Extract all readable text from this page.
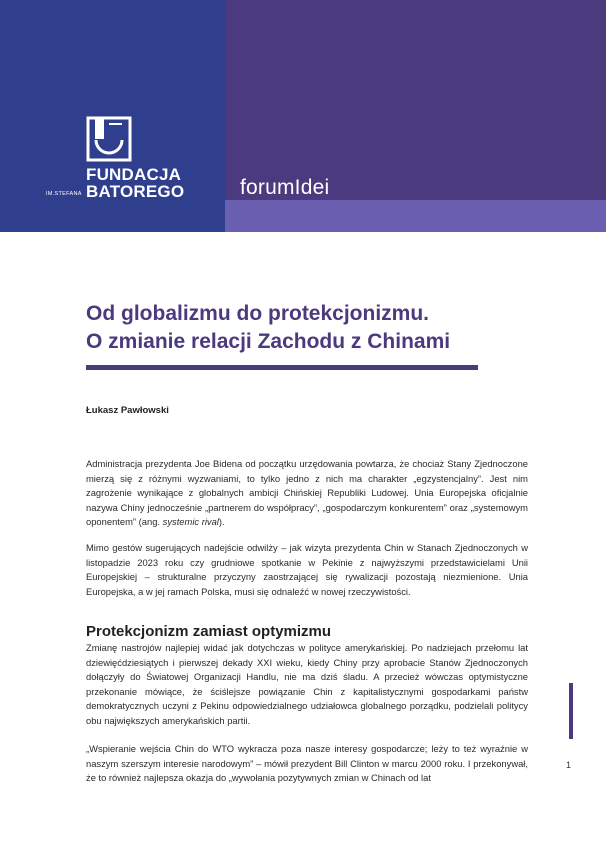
FUNDACJA
IM.STEFANA BATOREGO	forumIdei
Od globalizmu do protekcjonizmu.
O zmianie relacji Zachodu z Chinami
Łukasz Pawłowski
Administracja prezydenta Joe Bidena od początku urzędowania powtarza, że chociaż Stany Zjednoczone mierzą się z różnymi wyzwaniami, to tylko jedno z nich ma charakter „egzystencjalny”. Jest nim zagrożenie wynikające z globalnych ambicji Chińskiej Republiki Ludowej. Unia Europejska oficjalnie nazywa Chiny jednocześnie „partnerem do współpracy”, „gospodarczym konkurentem” oraz „systemowym oponentem” (ang. systemic rival).
Mimo gestów sugerujących nadejście odwilży – jak wizyta prezydenta Chin w Stanach Zjednoczonych w listopadzie 2023 roku czy grudniowe spotkanie w Pekinie z najwyższymi przedstawicielami Unii Europejskiej – strukturalne przyczyny zaostrzającej się rywalizacji pozostają niezmienione. Unia Europejska, a w jej ramach Polska, musi się odnaleźć w nowej rzeczywistości.
Protekcjonizm zamiast optymizmu
Zmianę nastrojów najlepiej widać jak dotychczas w polityce amerykańskiej. Po nadziejach przełomu lat dziewięćdziesiątych i pierwszej dekady XXI wieku, kiedy Chiny przy aprobacie Stanów Zjednoczonych dołączyły do Światowej Organizacji Handlu, nie ma dziś śladu. A przecież wówczas optymistyczne przekonanie mówiące, że ściślejsze powiązanie Chin z kapitalistycznymi gospodarkami państw demokratycznych uczyni z Pekinu odpowiedzialnego udziałowca globalnego porządku, podzielali politycy obu największych amerykańskich partii.
„Wspieranie wejścia Chin do WTO wykracza poza nasze interesy gospodarcze; leży to też wyraźnie w naszym szerszym interesie narodowym” – mówił prezydent Bill Clinton w marcu 2000 roku. I przekonywał, że to również najlepsza okazja do „wywołania pozytywnych zmian w Chinach od lat
1
